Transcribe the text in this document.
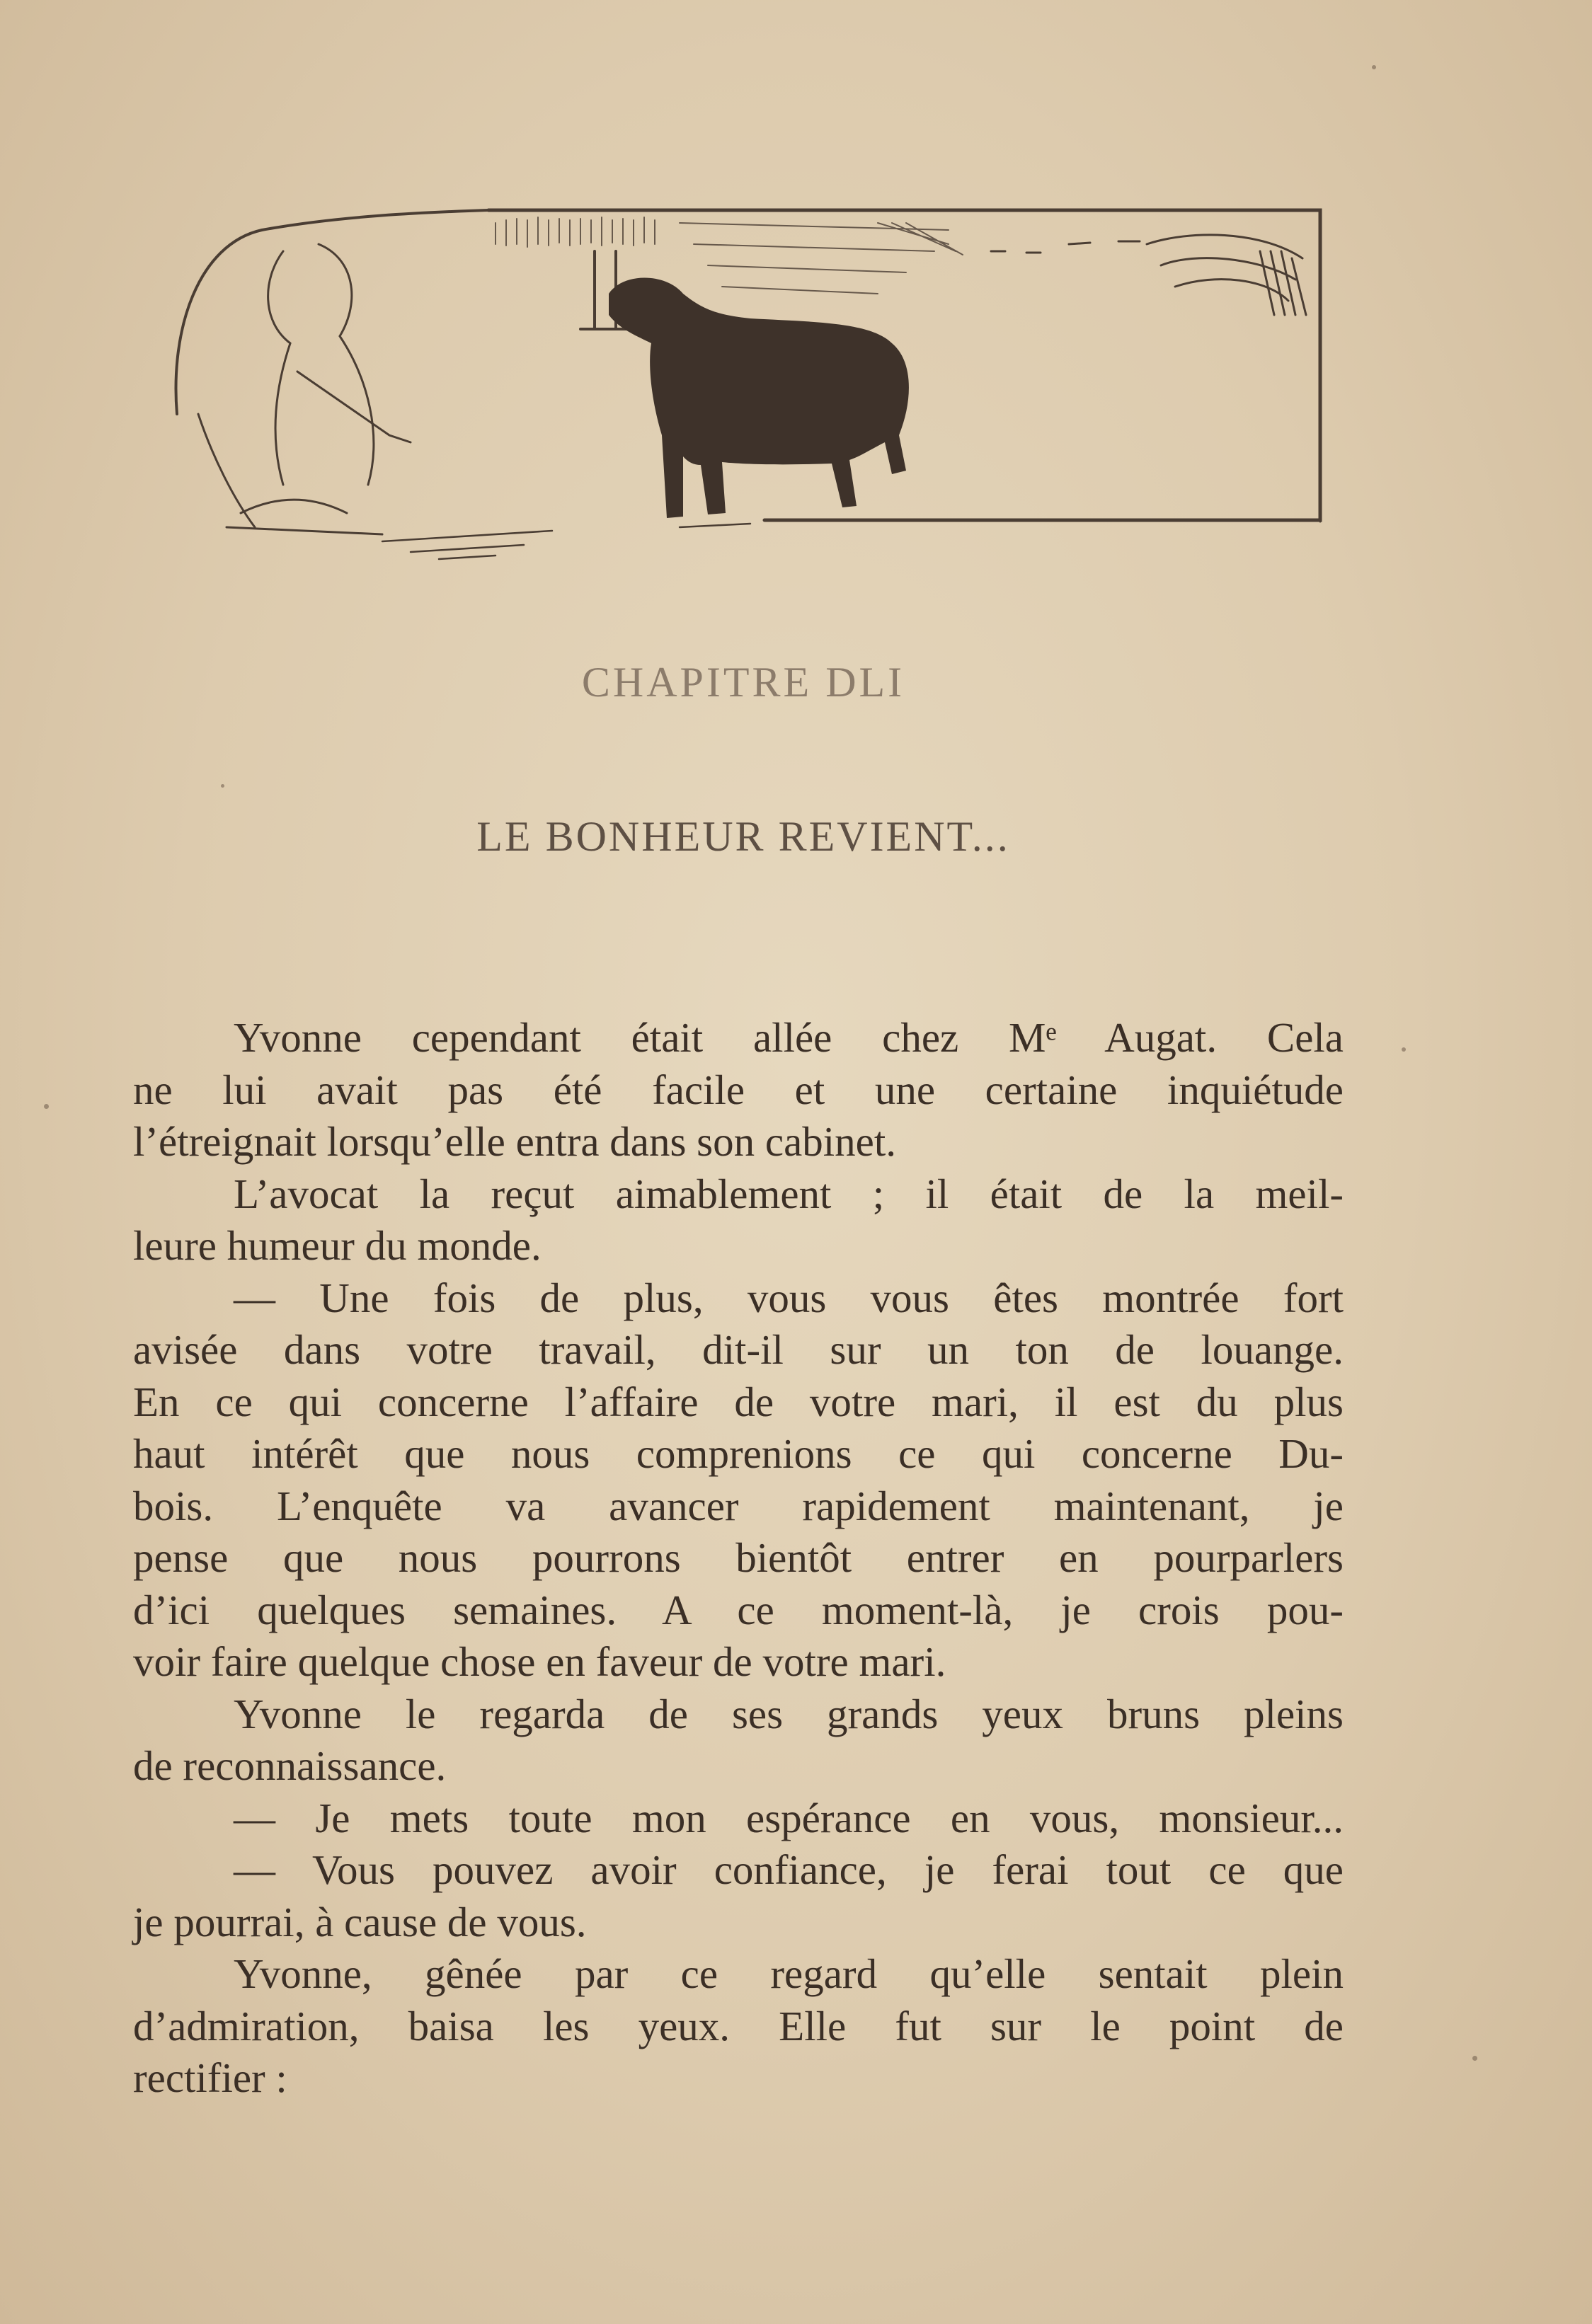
CHAPITRE DLI
LE BONHEUR REVIENT...
Yvonne cependant était allée chez Mᵉ Augat. Cela
ne lui avait pas été facile et une certaine inquiétude
l’étreignait lorsqu’elle entra dans son cabinet.
L’avocat la reçut aimablement ; il était de la meil-
leure humeur du monde.
— Une fois de plus, vous vous êtes montrée fort
avisée dans votre travail, dit-il sur un ton de louange.
En ce qui concerne l’affaire de votre mari, il est du plus
haut intérêt que nous comprenions ce qui concerne Du-
bois. L’enquête va avancer rapidement maintenant, je
pense que nous pourrons bientôt entrer en pourparlers
d’ici quelques semaines. A ce moment-là, je crois pou-
voir faire quelque chose en faveur de votre mari.
Yvonne le regarda de ses grands yeux bruns pleins
de reconnaissance.
— Je mets toute mon espérance en vous, monsieur...
— Vous pouvez avoir confiance, je ferai tout ce que
je pourrai, à cause de vous.
Yvonne, gênée par ce regard qu’elle sentait plein
d’admiration, baisa les yeux. Elle fut sur le point de
rectifier :
